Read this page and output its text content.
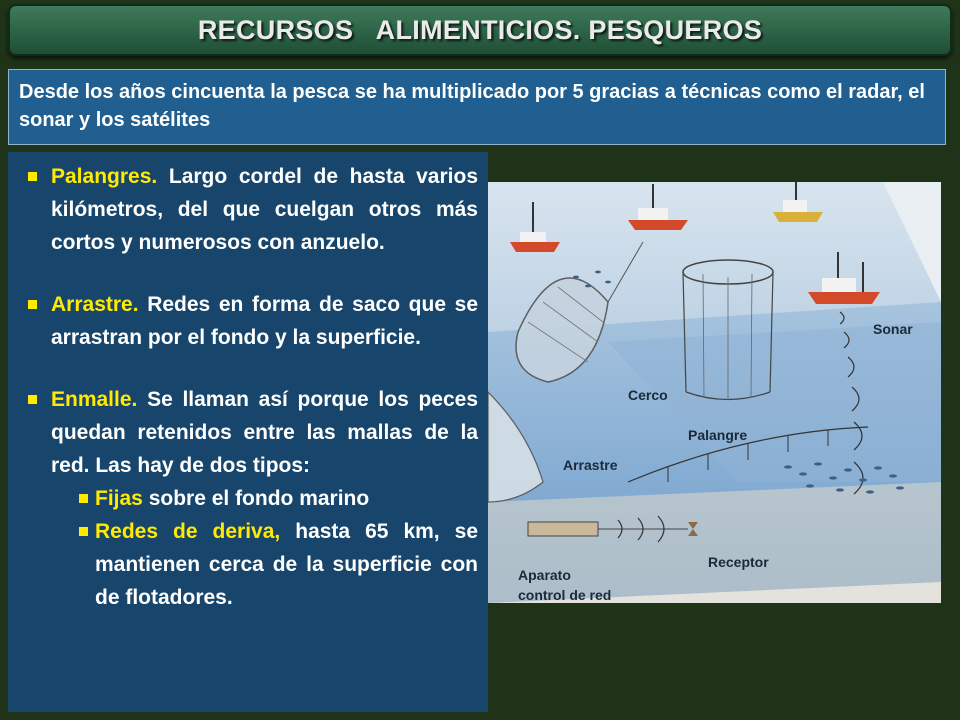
RECURSOS   ALIMENTICIOS. PESQUEROS
Desde los años cincuenta la pesca se ha multiplicado por 5 gracias a técnicas como el radar, el sonar y los satélites
Palangres. Largo cordel de hasta varios kilómetros, del que cuelgan otros más cortos y numerosos con anzuelo.
Arrastre. Redes en forma de saco que se arrastran por el fondo y la superficie.
Enmalle. Se llaman así porque los peces quedan retenidos entre las mallas de la red. Las hay de dos tipos:
Fijas sobre el fondo marino
Redes de deriva, hasta 65 km, se mantienen cerca de la superficie con de flotadores.
Sonar
Cerco
Palangre
Arrastre
Receptor
Aparato
control de red
